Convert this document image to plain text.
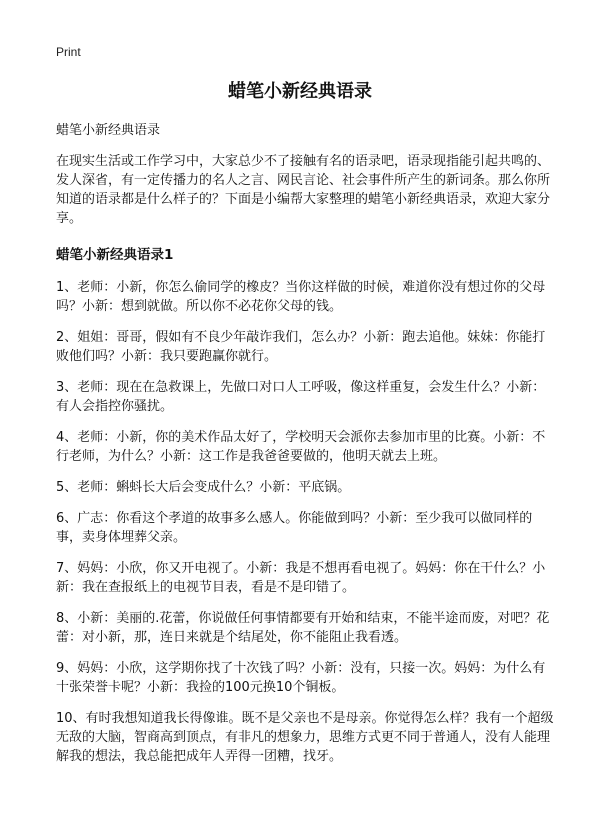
Print
蜡笔小新经典语录

蜡笔小新经典语录

在现实生活或工作学习中，大家总少不了接触有名的语录吧，语录现指能引起共鸣的、发人深省，有一定传播力的名人之言、网民言论、社会事件所产生的新词条。那么你所知道的语录都是什么样子的？下面是小编帮大家整理的蜡笔小新经典语录，欢迎大家分享。

蜡笔小新经典语录1

1、老师：小新，你怎么偷同学的橡皮？当你这样做的时候，难道你没有想过你的父母吗？小新：想到就做。所以你不必花你父母的钱。

2、姐姐：哥哥，假如有不良少年敲诈我们，怎么办？小新：跑去追他。妹妹：你能打败他们吗？小新：我只要跑赢你就行。

3、老师：现在在急救课上，先做口对口人工呼吸，像这样重复，会发生什么？小新：有人会指控你骚扰。

4、老师：小新，你的美术作品太好了，学校明天会派你去参加市里的比赛。小新：不行老师，为什么？小新：这工作是我爸爸要做的，他明天就去上班。

5、老师：蝌蚪长大后会变成什么？小新：平底锅。

6、广志：你看这个孝道的故事多么感人。你能做到吗？小新：至少我可以做同样的事，卖身体埋葬父亲。

7、妈妈：小欣，你又开电视了。小新：我是不想再看电视了。妈妈：你在干什么？小新：我在查报纸上的电视节目表，看是不是印错了。

8、小新：美丽的.花蕾，你说做任何事情都要有开始和结束，不能半途而废，对吧？花蕾：对小新，那，连日来就是个结尾处，你不能阻止我看透。

9、妈妈：小欣，这学期你找了十次钱了吗？小新：没有，只接一次。妈妈：为什么有十张荣誉卡呢？小新：我捡的100元换10个铜板。

10、有时我想知道我长得像谁。既不是父亲也不是母亲。你觉得怎么样？我有一个超级无敌的大脑，智商高到顶点，有非凡的想象力，思维方式更不同于普通人，没有人能理解我的想法，我总能把成年人弄得一团糟，找牙。
